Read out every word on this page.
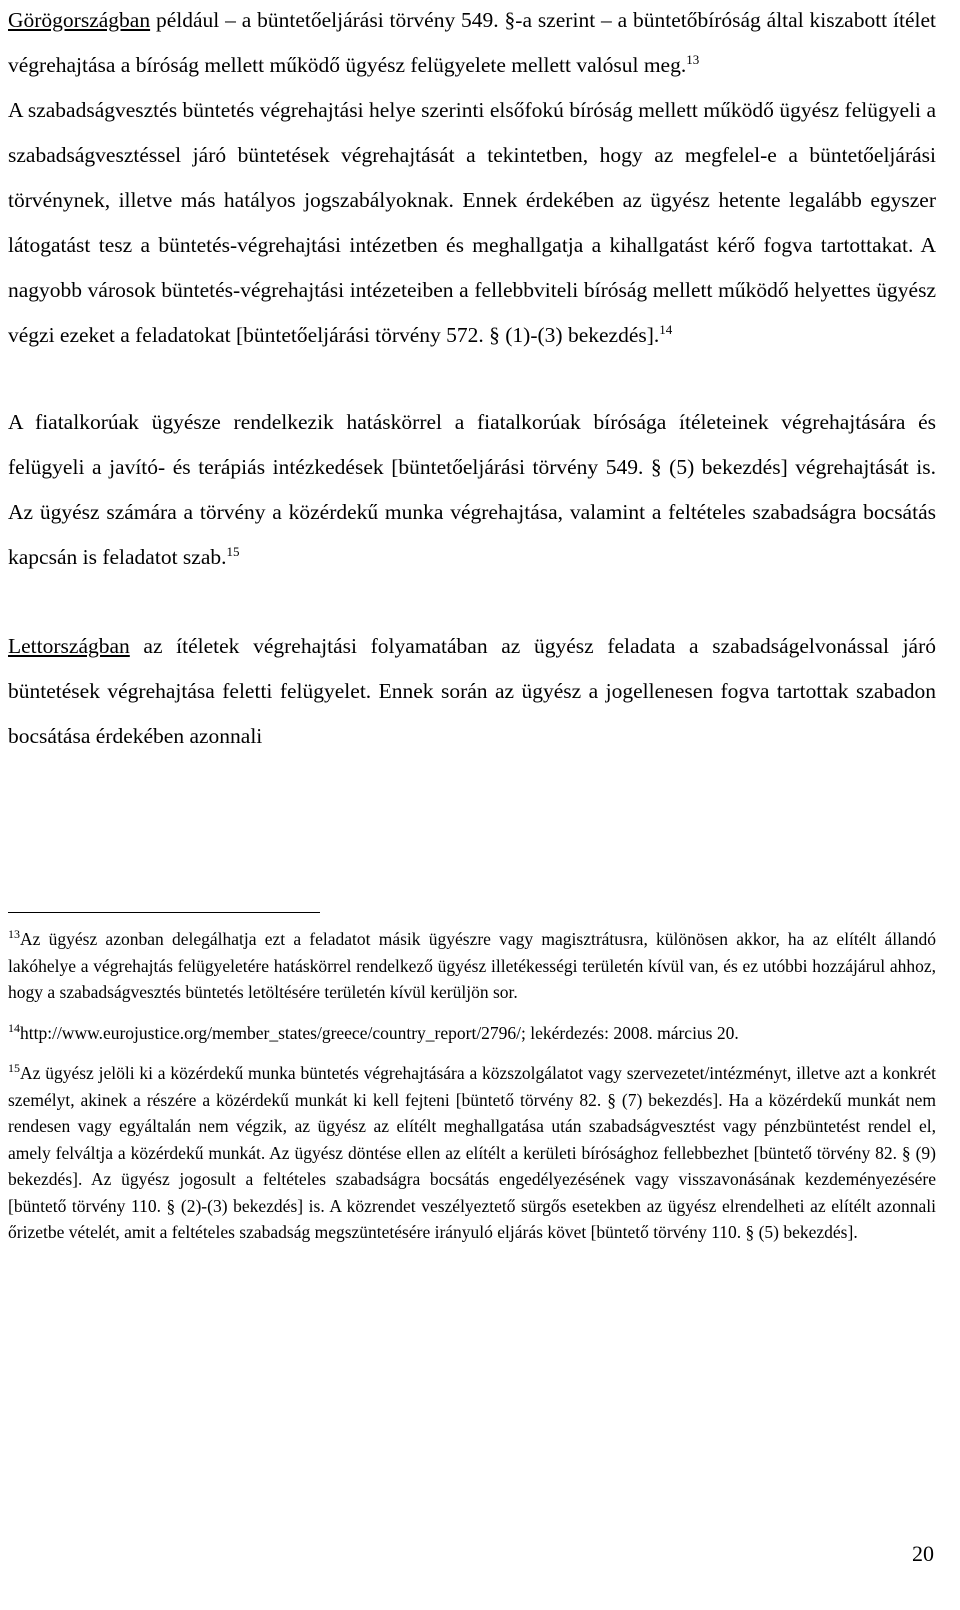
Görögországban például – a büntetőeljárási törvény 549. §-a szerint – a büntetőbíróság által kiszabott ítélet végrehajtása a bíróság mellett működő ügyész felügyelete mellett valósul meg.$^{13}$

A szabadságvesztés büntetés végrehajtási helye szerinti elsőfokú bíróság mellett működő ügyész felügyeli a szabadságvesztéssel járó büntetések végrehajtását a tekintetben, hogy az megfelel-e a büntetőeljárási törvénynek, illetve más hatályos jogszabályoknak. Ennek érdekében az ügyész hetente legalább egyszer látogatást tesz a büntetés-végrehajtási intézetben és meghallgatja a kihallgatást kérő fogva tartottakat. A nagyobb városok büntetés-végrehajtási intézeteiben a fellebbviteli bíróság mellett működő helyettes ügyész végzi ezeket a feladatokat [büntetőeljárási törvény 572. § (1)-(3) bekezdés].$^{14}$

A fiatalkorúak ügyésze rendelkezik hatáskörrel a fiatalkorúak bírósága ítéleteinek végrehajtására és felügyeli a javító- és terápiás intézkedések [büntetőeljárási törvény 549. § (5) bekezdés] végrehajtását is. Az ügyész számára a törvény a közérdekű munka végrehajtása, valamint a feltételes szabadságra bocsátás kapcsán is feladatot szab.$^{15}$

Lettországban az ítéletek végrehajtási folyamatában az ügyész feladata a szabadságelvonással járó büntetések végrehajtása feletti felügyelet. Ennek során az ügyész a jogellenesen fogva tartottak szabadon bocsátása érdekében azonnali

$^{13}$Az ügyész azonban delegálhatja ezt a feladatot másik ügyészre vagy magisztrátusra, különösen akkor, ha az elítélt állandó lakóhelye a végrehajtás felügyeletére hatáskörrel rendelkező ügyész illetékességi területén kívül van, és ez utóbbi hozzájárul ahhoz, hogy a szabadságvesztés büntetés letöltésére területén kívül kerüljön sor.

$^{14}$http://www.eurojustice.org/member_states/greece/country_report/2796/; lekérdezés: 2008. március 20.

$^{15}$Az ügyész jelöli ki a közérdekű munka büntetés végrehajtására a közszolgálatot vagy szervezetet/intézményt, illetve azt a konkrét személyt, akinek a részére a közérdekű munkát ki kell fejteni [büntető törvény 82. § (7) bekezdés]. Ha a közérdekű munkát nem rendesen vagy egyáltalán nem végzik, az ügyész az elítélt meghallgatása után szabadságvesztést vagy pénzbüntetést rendel el, amely felváltja a közérdekű munkát. Az ügyész döntése ellen az elítélt a kerületi bírósághoz fellebbezhet [büntető törvény 82. § (9) bekezdés]. Az ügyész jogosult a feltételes szabadságra bocsátás engedélyezésének vagy visszavonásának kezdeményezésére [büntető törvény 110. § (2)-(3) bekezdés] is. A közrendet veszélyeztető sürgős esetekben az ügyész elrendelheti az elítélt azonnali őrizetbe vételét, amit a feltételes szabadság megszüntetésére irányuló eljárás követ [büntető törvény 110. § (5) bekezdés].

20
